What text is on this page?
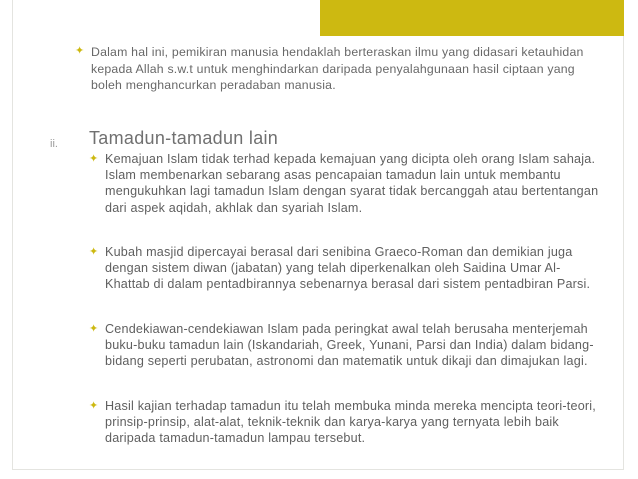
✦ Dalam hal ini, pemikiran manusia hendaklah berteraskan ilmu yang didasari ketauhidan kepada Allah s.w.t untuk menghindarkan daripada penyalahgunaan hasil ciptaan yang boleh menghancurkan peradaban manusia.

ii. Tamadun-tamadun lain
✦ Kemajuan Islam tidak terhad kepada kemajuan yang dicipta oleh orang Islam sahaja. Islam membenarkan sebarang asas pencapaian tamadun lain untuk membantu mengukuhkan lagi tamadun Islam dengan syarat tidak bercanggah atau bertentangan dari aspek aqidah, akhlak dan syariah Islam.

✦ Kubah masjid dipercayai berasal dari senibina Graeco-Roman dan demikian juga dengan sistem diwan (jabatan) yang telah diperkenalkan oleh Saidina Umar Al-Khattab di dalam pentadbirannya sebenarnya berasal dari sistem pentadbiran Parsi.

✦ Cendekiawan-cendekiawan Islam pada peringkat awal telah berusaha menterjemah buku-buku tamadun lain (Iskandariah, Greek, Yunani, Parsi dan India) dalam bidang-bidang seperti perubatan, astronomi dan matematik untuk dikaji dan dimajukan lagi.

✦ Hasil kajian terhadap tamadun itu telah membuka minda mereka mencipta teori-teori, prinsip-prinsip, alat-alat, teknik-teknik dan karya-karya yang ternyata lebih baik daripada tamadun-tamadun lampau tersebut.
